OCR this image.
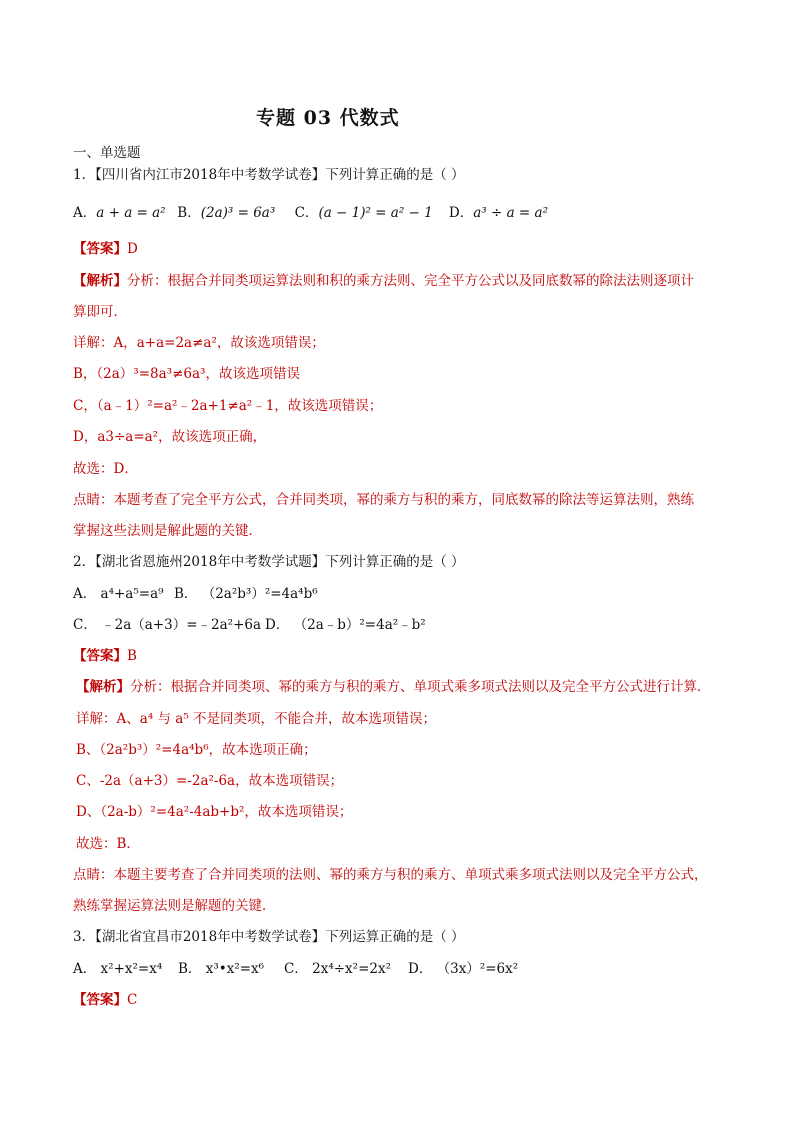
专题 03 代数式
一、单选题
1．【四川省内江市2018年中考数学试卷】下列计算正确的是（ ）
A．a + a = a² B．(2a)³ = 6a³ C．(a − 1)² = a² − 1 D．a³ ÷ a = a²
【答案】D
【解析】分析：根据合并同类项运算法则和积的乘方法则、完全平方公式以及同底数幂的除法法则逐项计
算即可．
详解：A，a+a=2a≠a²，故该选项错误；
B，（2a）³=8a³≠6a³，故该选项错误
C，（a﹣1）²=a²﹣2a+1≠a²﹣1，故该选项错误；
D，a3÷a=a²，故该选项正确，
故选：D．
点睛：本题考查了完全平方公式，合并同类项，幂的乘方与积的乘方，同底数幂的除法等运算法则，熟练
掌握这些法则是解此题的关键．
2．【湖北省恩施州2018年中考数学试题】下列计算正确的是（ ）
A． a⁴+a⁵=a⁹ B． （2a²b³）²=4a⁴b⁶
C． ﹣2a（a+3）=﹣2a²+6a D． （2a﹣b）²=4a²﹣b²
【答案】B
【解析】分析：根据合并同类项、幂的乘方与积的乘方、单项式乘多项式法则以及完全平方公式进行计算．
详解：A、a⁴ 与 a⁵ 不是同类项，不能合并，故本选项错误；
B、（2a²b³）²=4a⁴b⁶，故本选项正确；
C、-2a（a+3）=-2a²-6a，故本选项错误；
D、（2a-b）²=4a²-4ab+b²，故本选项错误；
故选：B．
点睛：本题主要考查了合并同类项的法则、幂的乘方与积的乘方、单项式乘多项式法则以及完全平方公式，
熟练掌握运算法则是解题的关键．
3．【湖北省宜昌市2018年中考数学试卷】下列运算正确的是（ ）
A． x²+x²=x⁴ B． x³•x²=x⁶ C． 2x⁴÷x²=2x² D． （3x）²=6x²
【答案】C
